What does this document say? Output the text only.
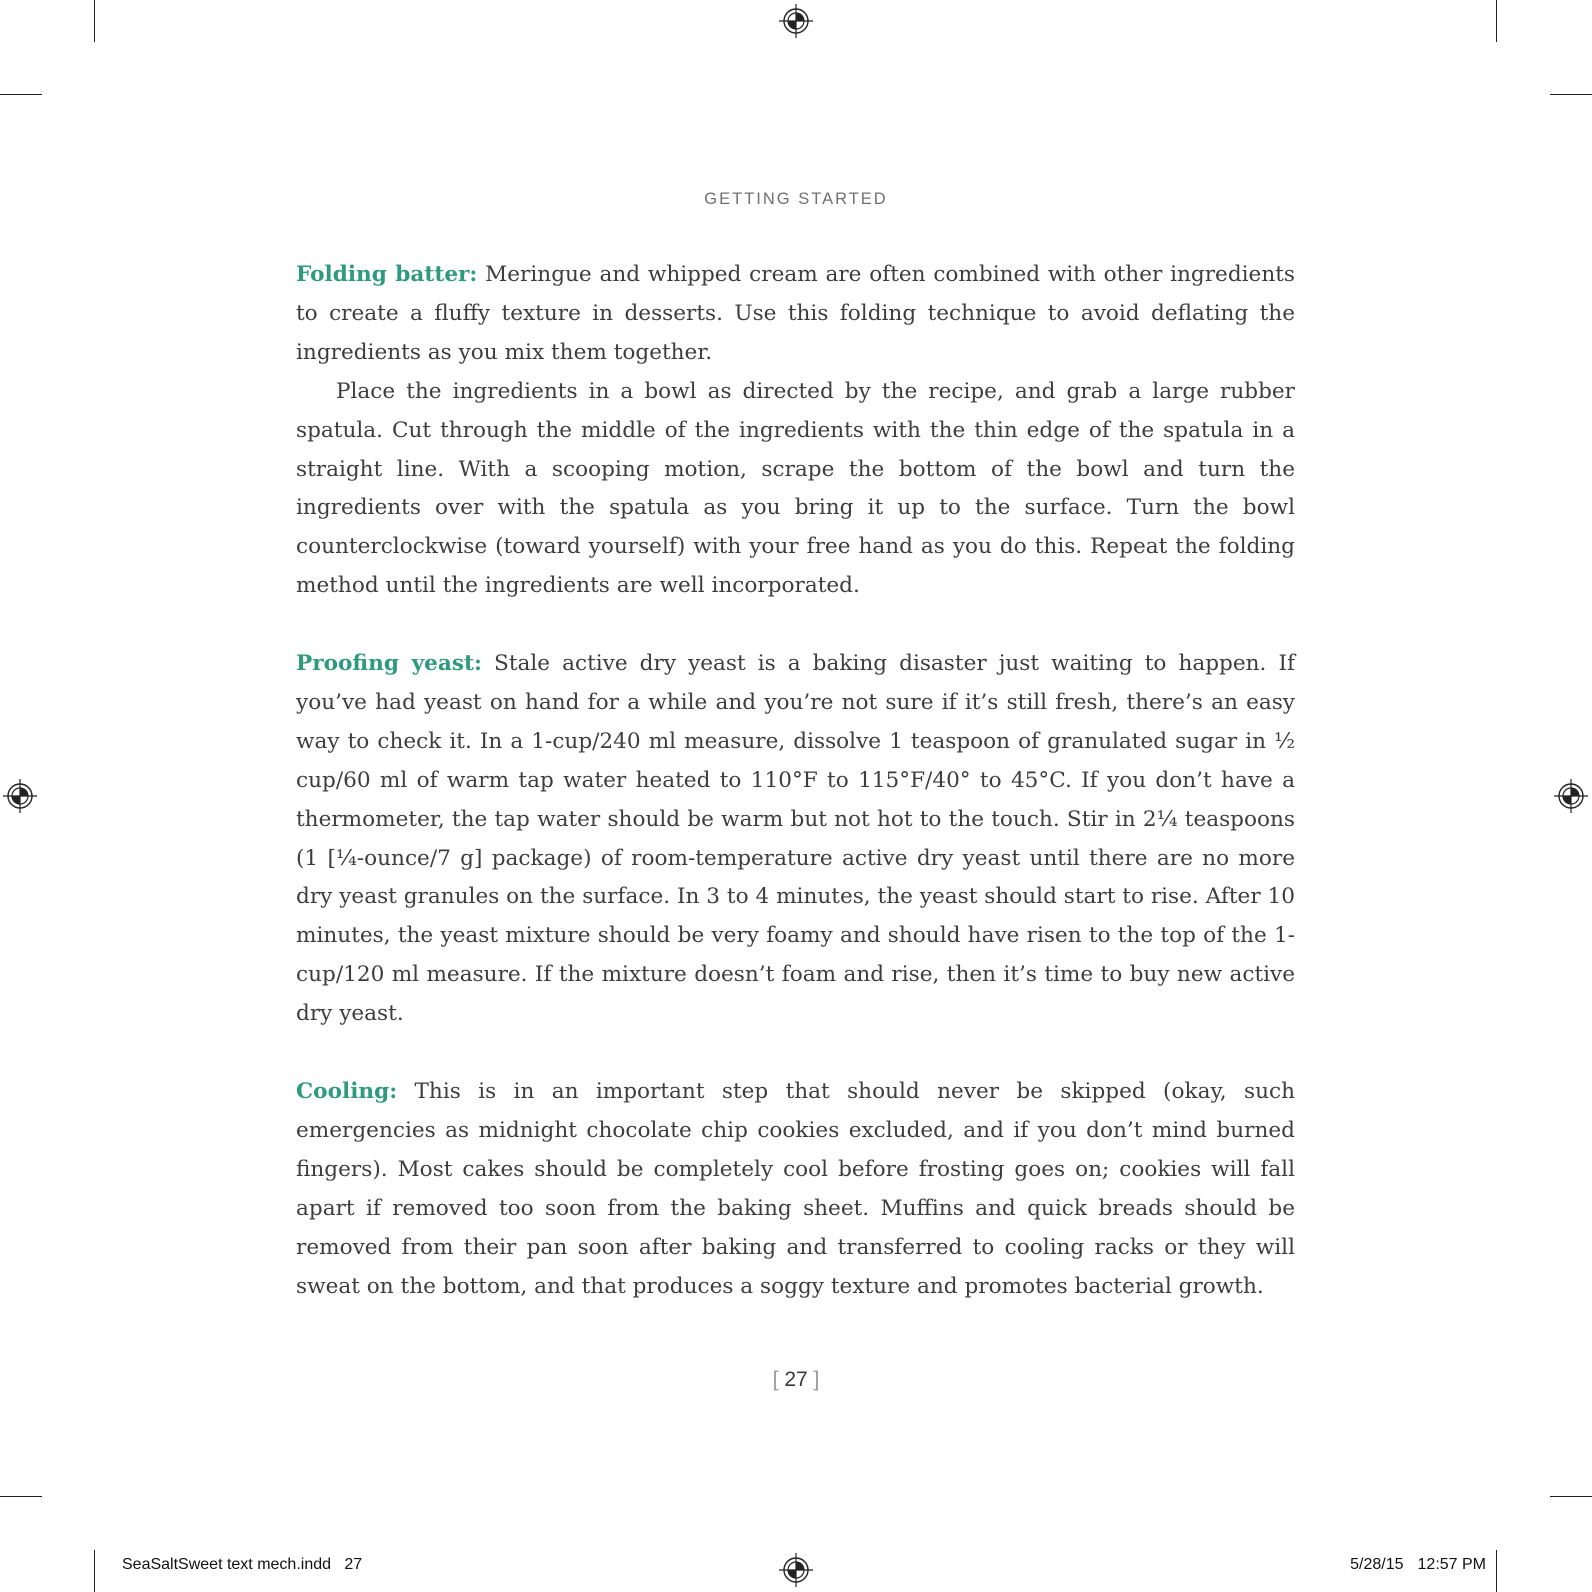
GETTING STARTED

Folding batter: Meringue and whipped cream are often combined with other ingredients to create a fluffy texture in desserts. Use this folding technique to avoid deflating the ingredients as you mix them together.

Place the ingredients in a bowl as directed by the recipe, and grab a large rubber spatula. Cut through the middle of the ingredients with the thin edge of the spatula in a straight line. With a scooping motion, scrape the bottom of the bowl and turn the ingredients over with the spatula as you bring it up to the surface. Turn the bowl counterclockwise (toward yourself) with your free hand as you do this. Repeat the folding method until the ingredients are well incorporated.

Proofing yeast: Stale active dry yeast is a baking disaster just waiting to happen. If you’ve had yeast on hand for a while and you’re not sure if it’s still fresh, there’s an easy way to check it. In a 1-cup/240 ml measure, dissolve 1 teaspoon of granulated sugar in ½ cup/60 ml of warm tap water heated to 110°F to 115°F/40° to 45°C. If you don’t have a thermometer, the tap water should be warm but not hot to the touch. Stir in 2¼ teaspoons (1 [¼-ounce/7 g] package) of room-temperature active dry yeast until there are no more dry yeast granules on the surface. In 3 to 4 minutes, the yeast should start to rise. After 10 minutes, the yeast mixture should be very foamy and should have risen to the top of the 1-cup/120 ml measure. If the mixture doesn’t foam and rise, then it’s time to buy new active dry yeast.

Cooling: This is in an important step that should never be skipped (okay, such emergencies as midnight chocolate chip cookies excluded, and if you don’t mind burned fingers). Most cakes should be completely cool before frosting goes on; cookies will fall apart if removed too soon from the baking sheet. Muffins and quick breads should be removed from their pan soon after baking and transferred to cooling racks or they will sweat on the bottom, and that produces a soggy texture and promotes bacterial growth.

[ 27 ]
SeaSaltSweet text mech.indd   27	5/28/15 12:57 PM
